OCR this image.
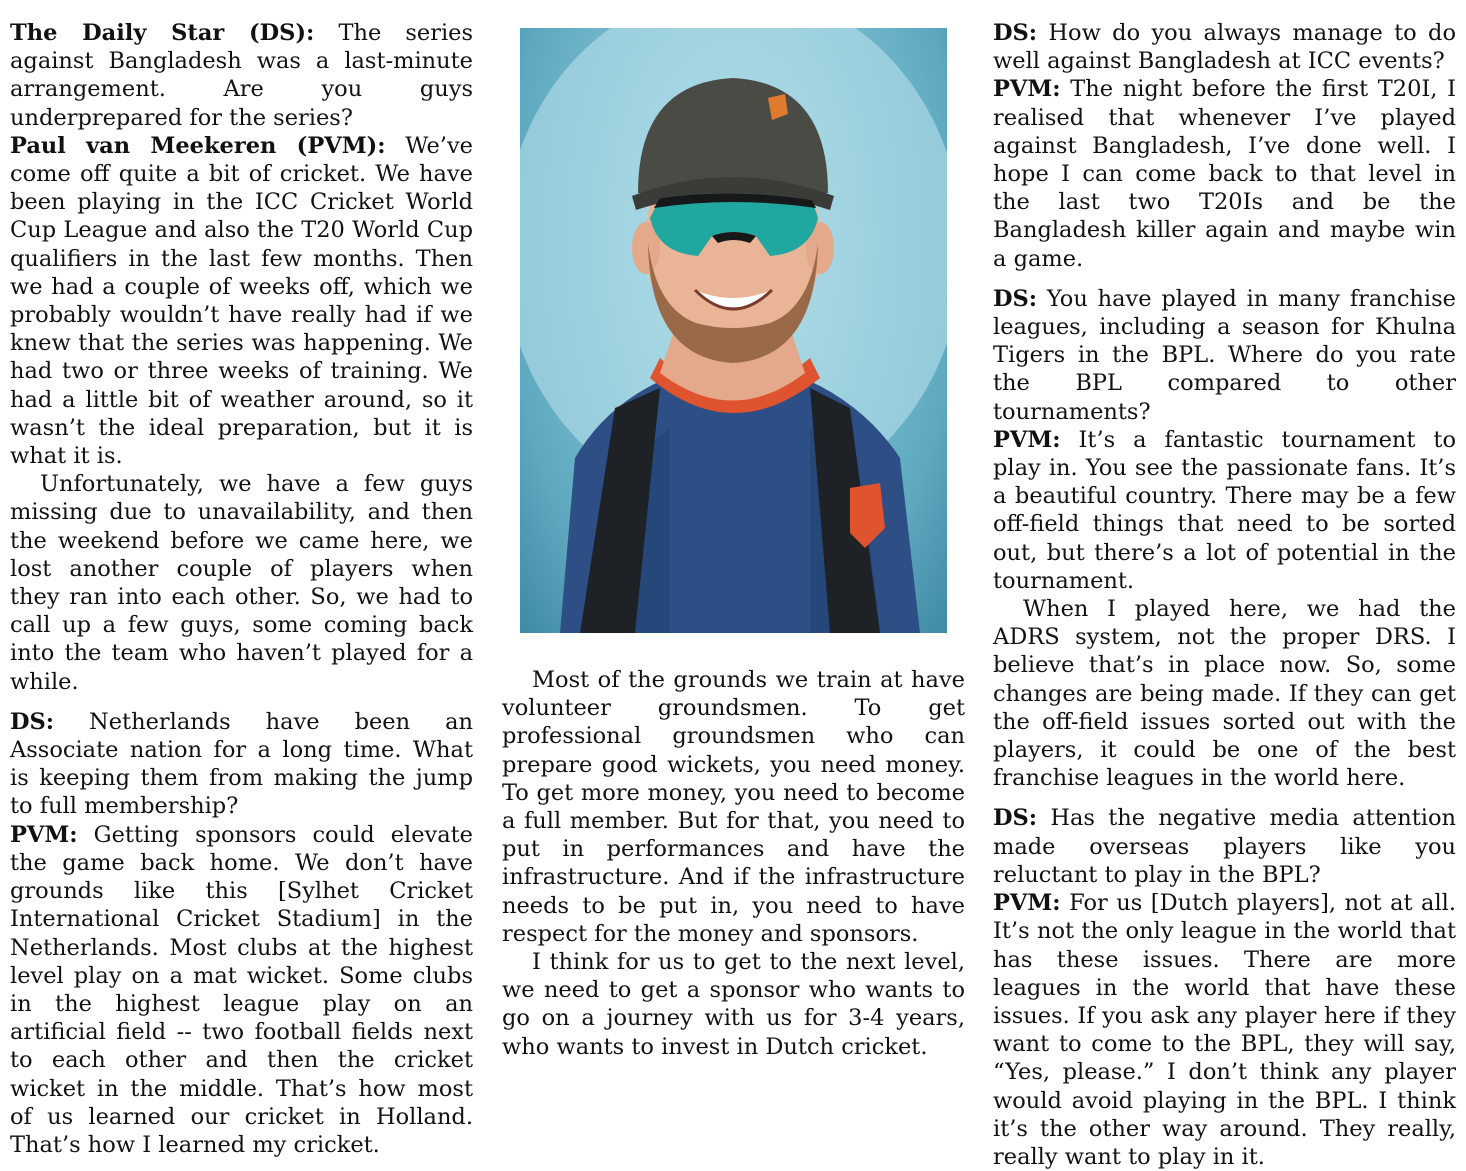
The Daily Star (DS): The series against Bangladesh was a last-minute arrangement. Are you guys underprepared for the series?

Paul van Meekeren (PVM): We’ve come off quite a bit of cricket. We have been playing in the ICC Cricket World Cup League and also the T20 World Cup qualifiers in the last few months. Then we had a couple of weeks off, which we probably wouldn’t have really had if we knew that the series was happening. We had two or three weeks of training. We had a little bit of weather around, so it wasn’t the ideal preparation, but it is what it is.

Unfortunately, we have a few guys missing due to unavailability, and then the weekend before we came here, we lost another couple of players when they ran into each other. So, we had to call up a few guys, some coming back into the team who haven’t played for a while.

DS: Netherlands have been an Associate nation for a long time. What is keeping them from making the jump to full membership?

PVM: Getting sponsors could elevate the game back home. We don’t have grounds like this [Sylhet Cricket International Cricket Stadium] in the Netherlands. Most clubs at the highest level play on a mat wicket. Some clubs in the highest league play on an artificial field -- two football fields next to each other and then the cricket wicket in the middle. That’s how most of us learned our cricket in Holland. That’s how I learned my cricket.

Most of the grounds we train at have volunteer groundsmen. To get professional groundsmen who can prepare good wickets, you need money. To get more money, you need to become a full member. But for that, you need to put in performances and have the infrastructure. And if the infrastructure needs to be put in, you need to have respect for the money and sponsors.

I think for us to get to the next level, we need to get a sponsor who wants to go on a journey with us for 3-4 years, who wants to invest in Dutch cricket.

DS: How do you always manage to do well against Bangladesh at ICC events?

PVM: The night before the first T20I, I realised that whenever I’ve played against Bangladesh, I’ve done well. I hope I can come back to that level in the last two T20Is and be the Bangladesh killer again and maybe win a game.

DS: You have played in many franchise leagues, including a season for Khulna Tigers in the BPL. Where do you rate the BPL compared to other tournaments?

PVM: It’s a fantastic tournament to play in. You see the passionate fans. It’s a beautiful country. There may be a few off-field things that need to be sorted out, but there’s a lot of potential in the tournament.

When I played here, we had the ADRS system, not the proper DRS. I believe that’s in place now. So, some changes are being made. If they can get the off-field issues sorted out with the players, it could be one of the best franchise leagues in the world here.

DS: Has the negative media attention made overseas players like you reluctant to play in the BPL?

PVM: For us [Dutch players], not at all. It’s not the only league in the world that has these issues. There are more leagues in the world that have these issues. If you ask any player here if they want to come to the BPL, they will say, “Yes, please.” I don’t think any player would avoid playing in the BPL. I think it’s the other way around. They really, really want to play in it.
